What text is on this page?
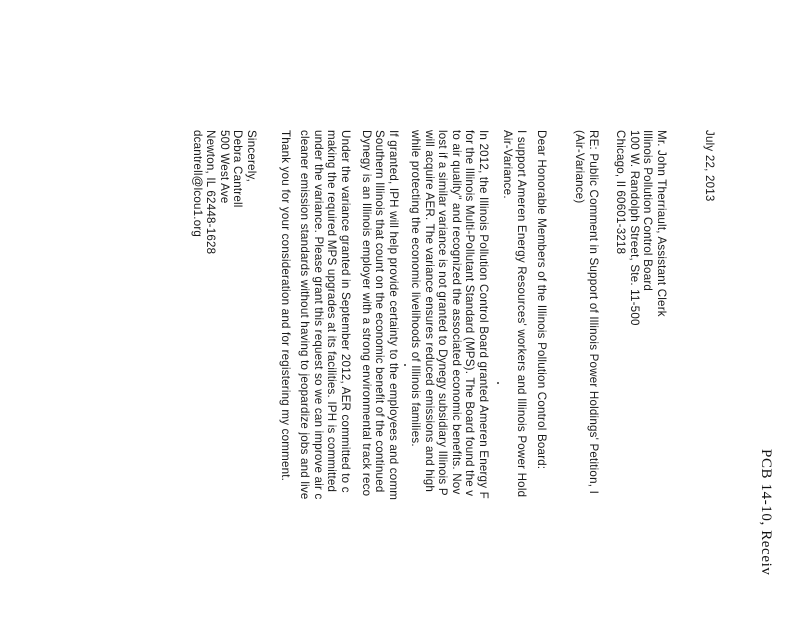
PCB 14-10, Receiv
July 22, 2013
Mr. John Therriault, Assistant Clerk
Illinois Pollution Control Board
100 W. Randolph Street, Ste. 11-500
Chicago, Il 60601-3218
RE: Public Comment in Support of Illinois Power Holdings' Petition, I
(Air-Variance)
Dear Honorable Members of the Illinois Pollution Control Board:
I support Ameren Energy Resources' workers and Illinois Power Hold
Air-Variance.
In 2012, the Illinois Pollution Control Board granted Ameren Energy F
for the Illinois Multi-Pollutant Standard (MPS). The Board found the v
to air quality" and recognized the associated economic benefits. Nov
lost if a similar variance is not granted to Dynegy subsidiary Illinois P
will acquire AER. The variance ensures reduced emissions and high
while protecting the economic livelihoods of Illinois families.
If granted, IPH will help provide certainty to the employees and comm
Southern Illinois that count on the economic benefit of the continued
Dynegy is an Illinois employer with a strong environmental track reco
Under the variance granted in September 2012, AER committed to c
making the required MPS upgrades at its facilities. IPH is committed
under the variance. Please grant this request so we can improve air c
cleaner emission standards without having to jeopardize jobs and live
Thank you for your consideration and for registering my comment.
Sincerely,
Debra Cantrell
500 West Ave
Newton, IL 62448-1628
dcantrell@lcou1.org
